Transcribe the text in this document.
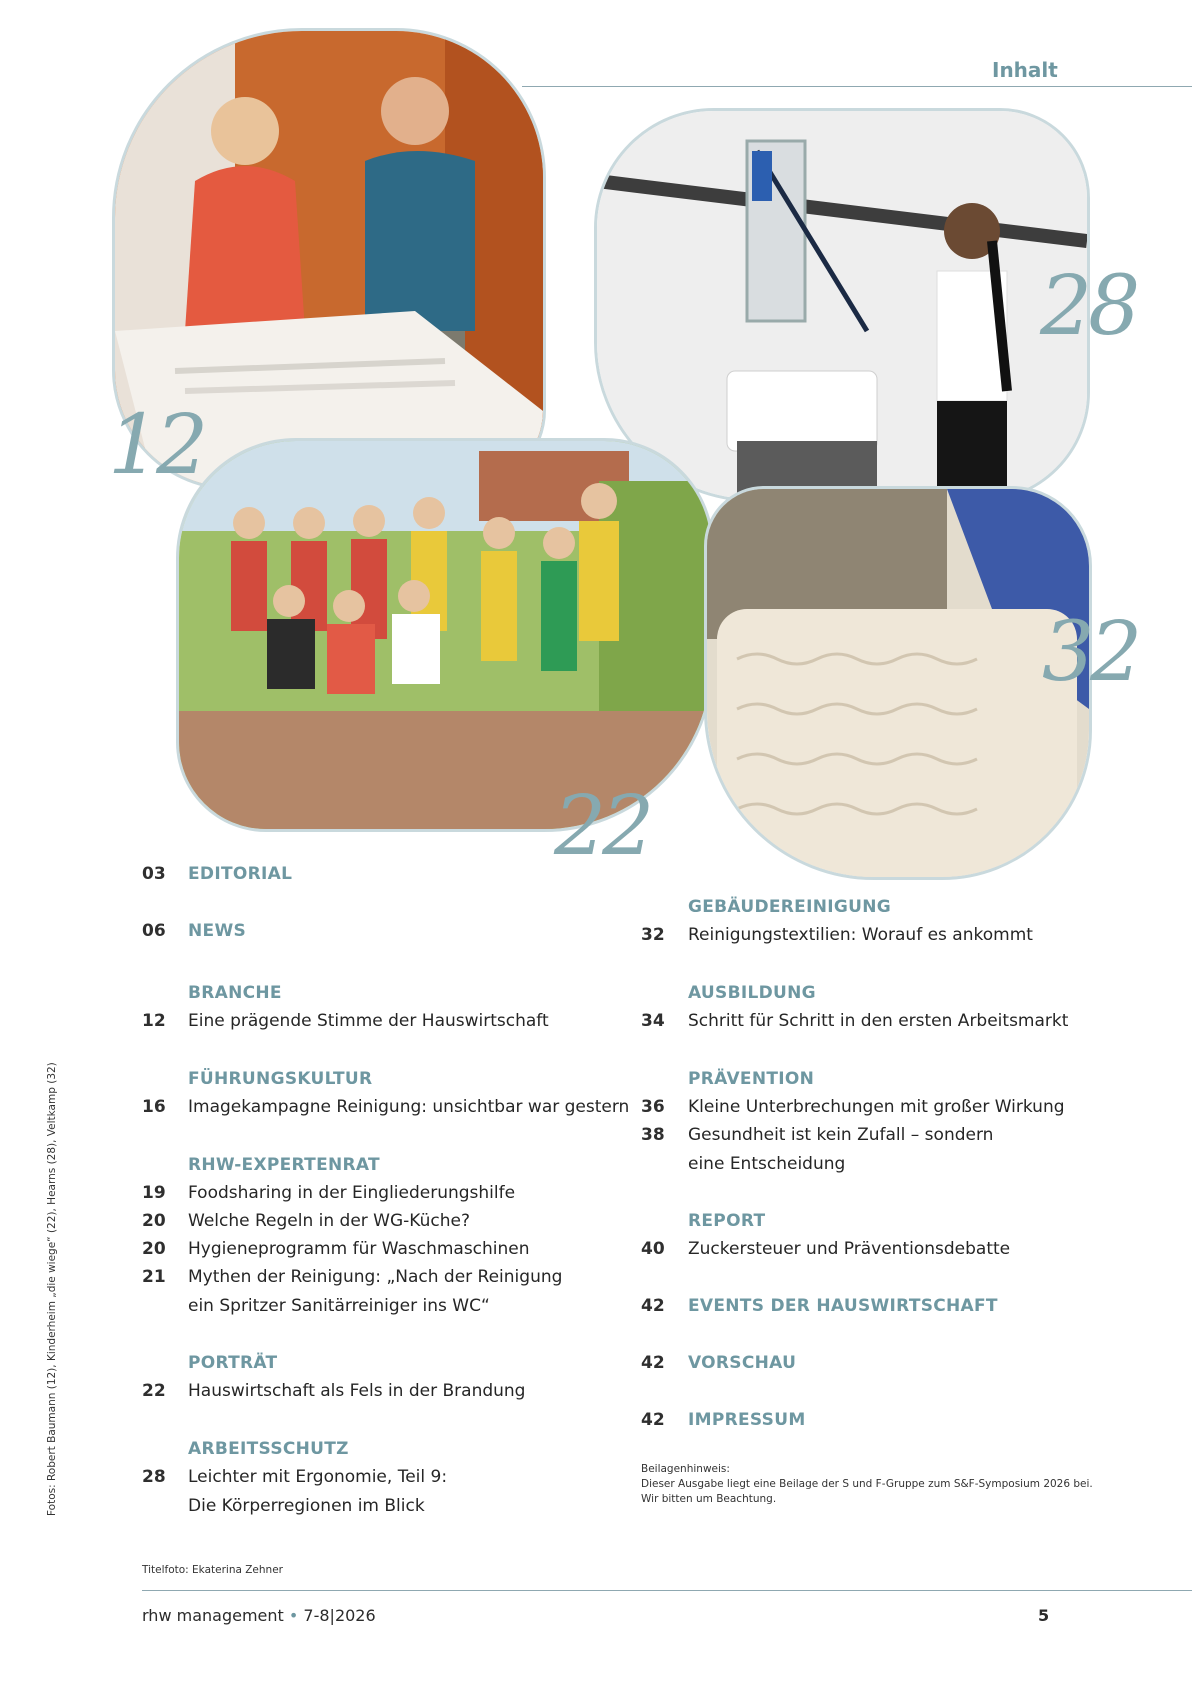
Inhalt
12
28
22
32
03 EDITORIAL
06 NEWS
BRANCHE
12 Eine prägende Stimme der Hauswirtschaft
FÜHRUNGSKULTUR
16 Imagekampagne Reinigung: unsichtbar war gestern
RHW-EXPERTENRAT
19 Foodsharing in der Eingliederungshilfe
20 Welche Regeln in der WG-Küche?
20 Hygieneprogramm für Waschmaschinen
21 Mythen der Reinigung: „Nach der Reinigung
ein Spritzer Sanitärreiniger ins WC“
PORTRÄT
22 Hauswirtschaft als Fels in der Brandung
ARBEITSSCHUTZ
28 Leichter mit Ergonomie, Teil 9:
Die Körperregionen im Blick
GEBÄUDEREINIGUNG
32 Reinigungstextilien: Worauf es ankommt
AUSBILDUNG
34 Schritt für Schritt in den ersten Arbeitsmarkt
PRÄVENTION
36 Kleine Unterbrechungen mit großer Wirkung
38 Gesundheit ist kein Zufall – sondern
eine Entscheidung
REPORT
40 Zuckersteuer und Präventionsdebatte
42 EVENTS DER HAUSWIRTSCHAFT
42 VORSCHAU
42 IMPRESSUM
Beilagenhinweis:
Dieser Ausgabe liegt eine Beilage der S und F-Gruppe zum S&F-Symposium 2026 bei.
Wir bitten um Beachtung.
Fotos: Robert Baumann (12), Kinderheim „die wiege“ (22), Hearns (28), Veltkamp (32)
Titelfoto: Ekaterina Zehner
rhw management • 7-8|2026	5
